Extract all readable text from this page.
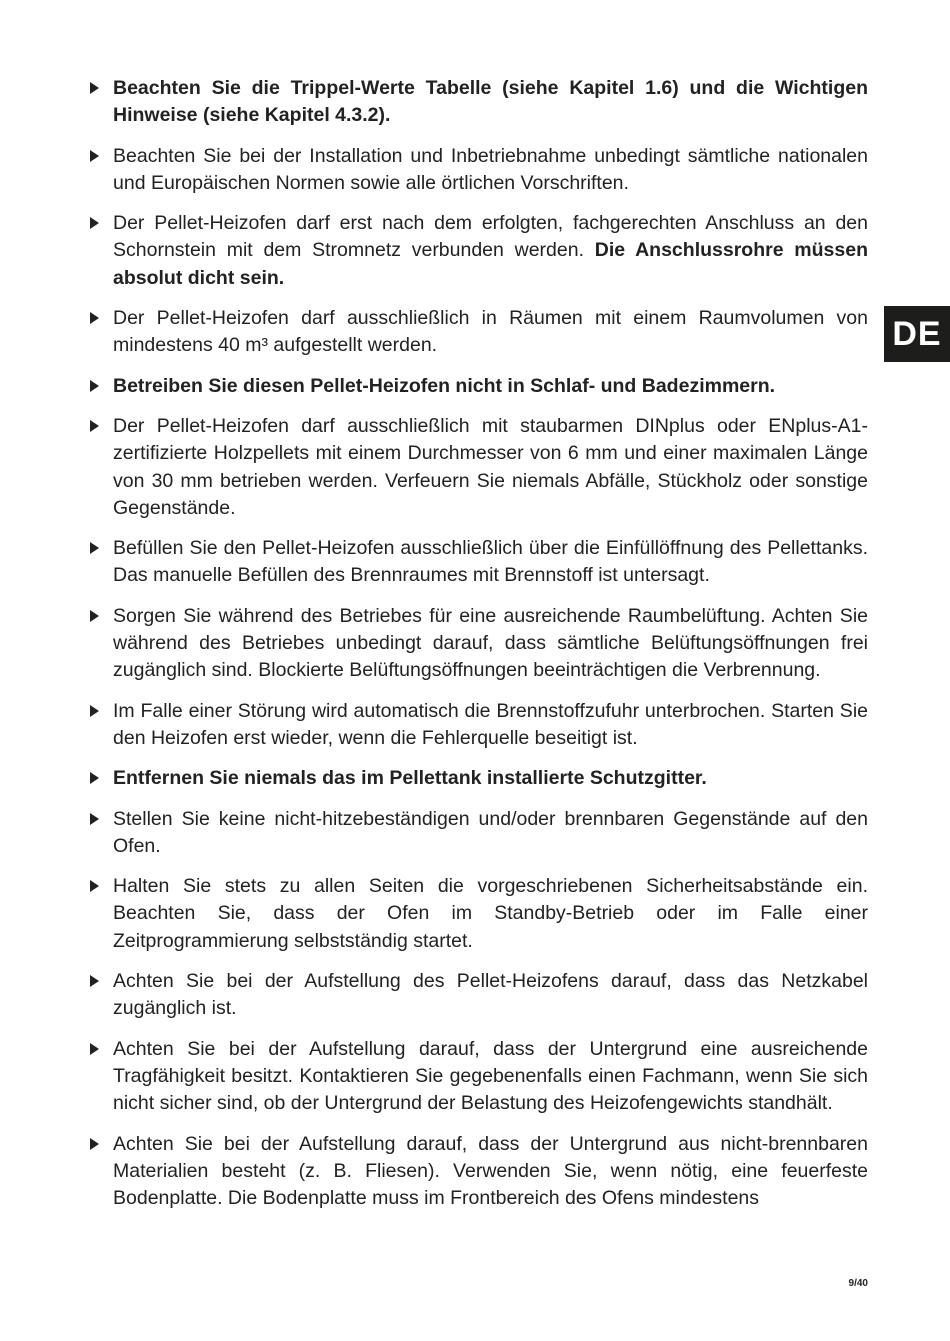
Beachten Sie die Trippel-Werte Tabelle (siehe Kapitel 1.6) und die Wichtigen Hinweise (siehe Kapitel 4.3.2).
Beachten Sie bei der Installation und Inbetriebnahme unbedingt sämtliche nationalen und Europäischen Normen sowie alle örtlichen Vorschriften.
Der Pellet-Heizofen darf erst nach dem erfolgten, fachgerechten Anschluss an den Schornstein mit dem Stromnetz verbunden werden. Die Anschlussrohre müssen absolut dicht sein.
Der Pellet-Heizofen darf ausschließlich in Räumen mit einem Raumvolumen von mindestens 40 m³ aufgestellt werden.
Betreiben Sie diesen Pellet-Heizofen nicht in Schlaf- und Badezimmern.
Der Pellet-Heizofen darf ausschließlich mit staubarmen DINplus oder ENplus-A1-zertifizierte Holzpellets mit einem Durchmesser von 6 mm und einer maximalen Länge von 30 mm betrieben werden. Verfeuern Sie niemals Abfälle, Stückholz oder sonstige Gegenstände.
Befüllen Sie den Pellet-Heizofen ausschließlich über die Einfüllöffnung des Pellettanks. Das manuelle Befüllen des Brennraumes mit Brennstoff ist untersagt.
Sorgen Sie während des Betriebes für eine ausreichende Raumbelüftung. Achten Sie während des Betriebes unbedingt darauf, dass sämtliche Belüftungsöffnungen frei zugänglich sind. Blockierte Belüftungsöffnungen beeinträchtigen die Verbrennung.
Im Falle einer Störung wird automatisch die Brennstoffzufuhr unterbrochen. Starten Sie den Heizofen erst wieder, wenn die Fehlerquelle beseitigt ist.
Entfernen Sie niemals das im Pellettank installierte Schutzgitter.
Stellen Sie keine nicht-hitzebeständigen und/oder brennbaren Gegenstände auf den Ofen.
Halten Sie stets zu allen Seiten die vorgeschriebenen Sicherheitsabstände ein. Beachten Sie, dass der Ofen im Standby-Betrieb oder im Falle einer Zeitprogrammierung selbstständig startet.
Achten Sie bei der Aufstellung des Pellet-Heizofens darauf, dass das Netzkabel zugänglich ist.
Achten Sie bei der Aufstellung darauf, dass der Untergrund eine ausreichende Tragfähigkeit besitzt. Kontaktieren Sie gegebenenfalls einen Fachmann, wenn Sie sich nicht sicher sind, ob der Untergrund der Belastung des Heizofengewichts standhält.
Achten Sie bei der Aufstellung darauf, dass der Untergrund aus nicht-brennbaren Materialien besteht (z. B. Fliesen). Verwenden Sie, wenn nötig, eine feuerfeste Bodenplatte. Die Bodenplatte muss im Frontbereich des Ofens mindestens
DE
9/40
